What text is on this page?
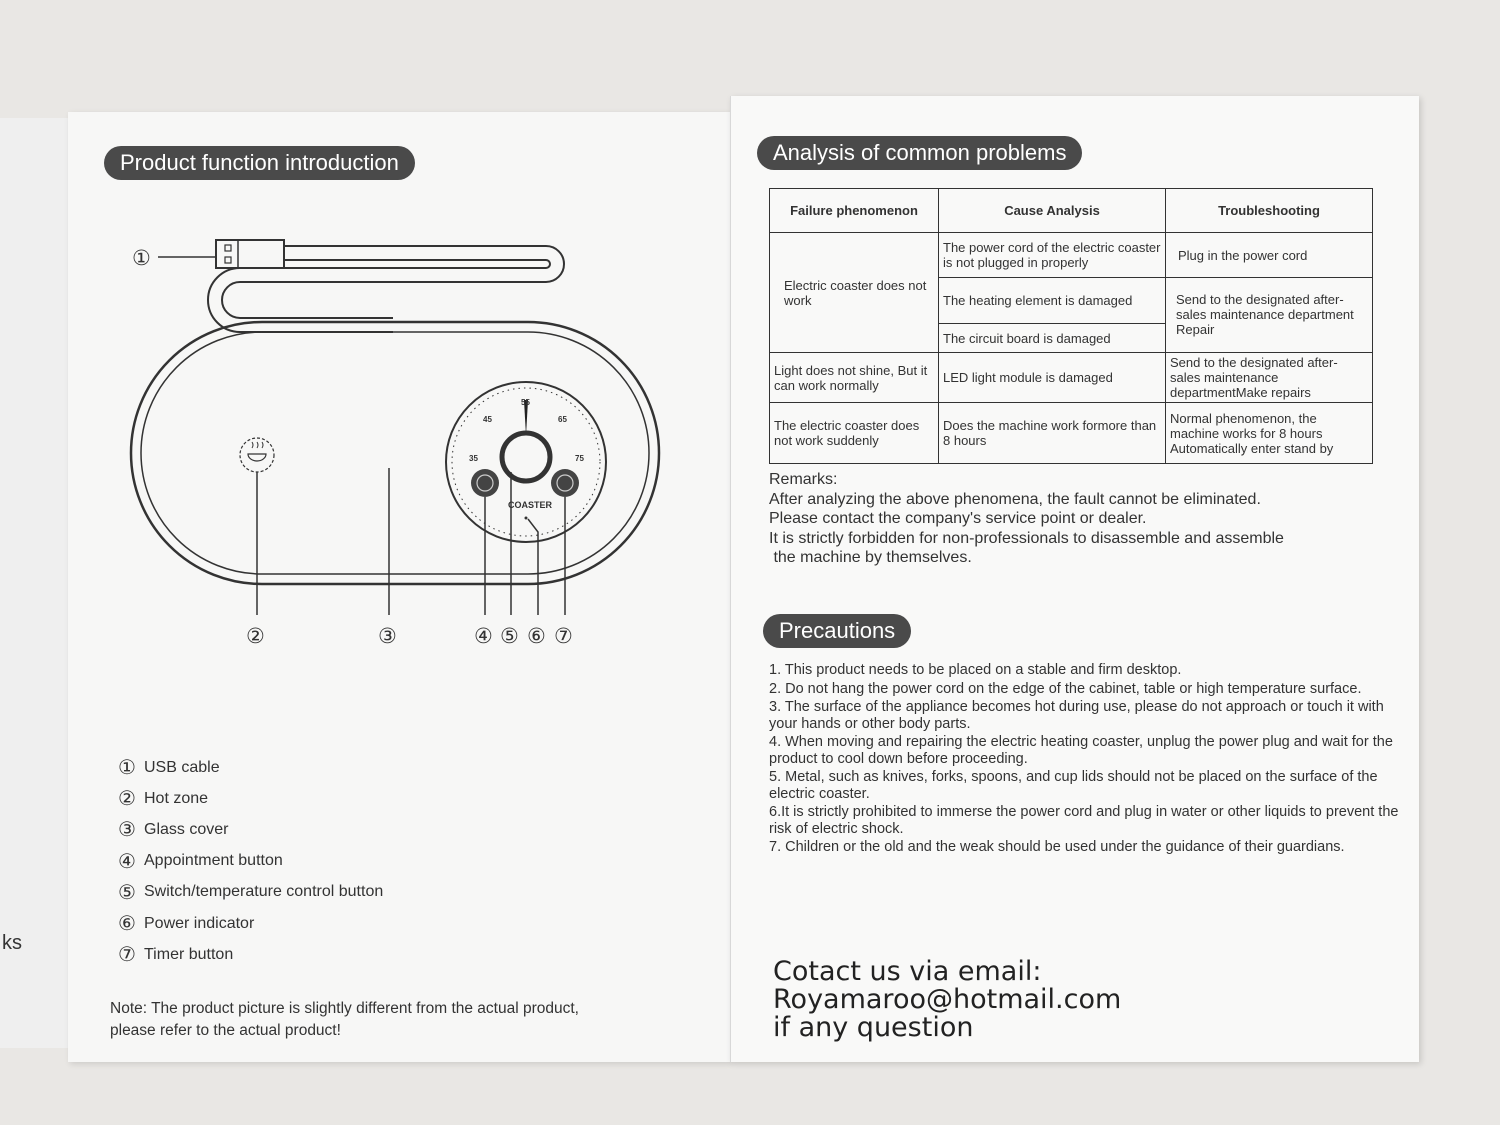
ks
Product function introduction
①
35
45
55
65
75
COASTER
②	③	④ ⑤ ⑥ ⑦
① USB cable
② Hot zone
③ Glass cover
④ Appointment button
⑤ Switch/temperature control button
⑥ Power indicator
⑦ Timer button
Note: The product picture is slightly different from the actual product,
please refer to the actual product!
Analysis of common problems
Failure phenomenon	Cause Analysis	Troubleshooting
Electric coaster does not work	The power cord of the electric coaster is not plugged in properly	Plug in the power cord
	The heating element is damaged	Send to the designated after-sales maintenance department Repair
	The circuit board is damaged	
Light does not shine, But it can work normally	LED light module is damaged	Send to the designated after-sales maintenance departmentMake repairs
The electric coaster does not work suddenly	Does the machine work formore than 8 hours	Normal phenomenon, the machine works for 8 hours Automatically enter stand by
Remarks:
After analyzing the above phenomena, the fault cannot be eliminated.
Please contact the company's service point or dealer.
It is strictly forbidden for non-professionals to disassemble and assemble
the machine by themselves.
Precautions
1. This product needs to be placed on a stable and firm desktop.
2. Do not hang the power cord on the edge of the cabinet, table or high temperature surface.
3. The surface of the appliance becomes hot during use, please do not approach or touch it with your hands or other body parts.
4. When moving and repairing the electric heating coaster, unplug the power plug and wait for the product to cool down before proceeding.
5. Metal, such as knives, forks, spoons, and cup lids should not be placed on the surface of the electric coaster.
6.It is strictly prohibited to immerse the power cord and plug in water or other liquids to prevent the risk of electric shock.
7. Children or the old and the weak should be used under the guidance of their guardians.
Cotact us via email: Royamaroo@hotmail.com
if any question
